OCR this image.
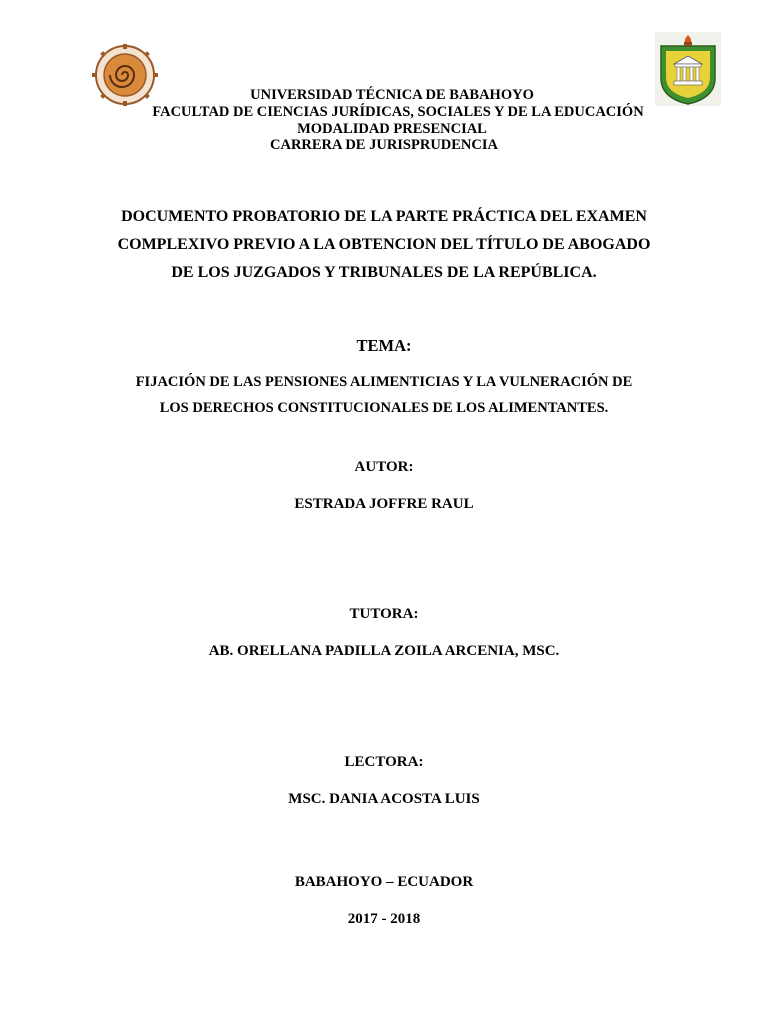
UNIVERSIDAD TÉCNICA DE BABAHOYO
FACULTAD DE CIENCIAS JURÍDICAS, SOCIALES Y DE LA EDUCACIÓN
MODALIDAD PRESENCIAL
CARRERA DE JURISPRUDENCIA
DOCUMENTO PROBATORIO DE LA PARTE PRÁCTICA DEL EXAMEN
COMPLEXIVO PREVIO A LA OBTENCION DEL TÍTULO DE ABOGADO
DE LOS JUZGADOS Y TRIBUNALES DE LA REPÚBLICA.
TEMA:
FIJACIÓN DE LAS PENSIONES ALIMENTICIAS Y LA VULNERACIÓN DE
LOS DERECHOS CONSTITUCIONALES DE LOS ALIMENTANTES.
AUTOR:
ESTRADA JOFFRE RAUL
TUTORA:
AB. ORELLANA PADILLA ZOILA ARCENIA, MSC.
LECTORA:
MSC. DANIA ACOSTA LUIS
BABAHOYO – ECUADOR
2017 - 2018
